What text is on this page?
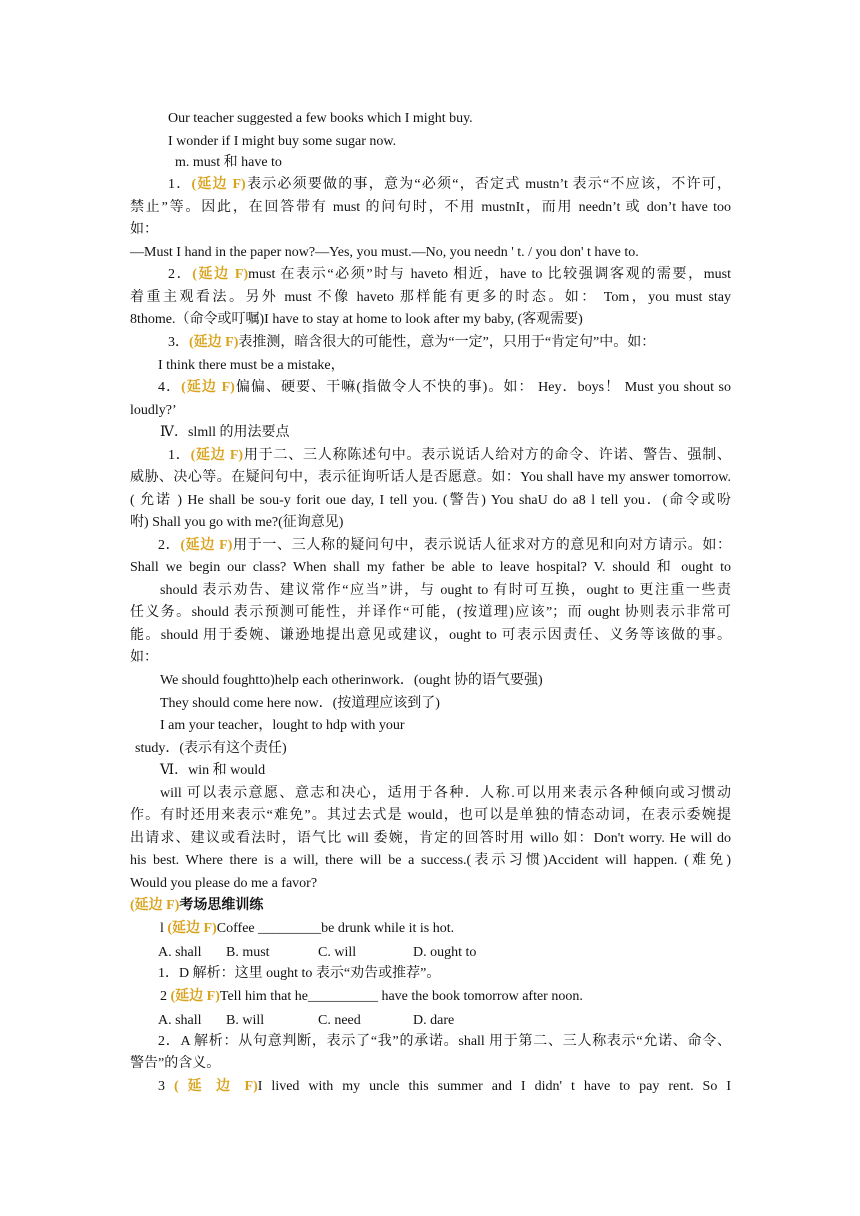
Our teacher suggested a few books which I might buy.
I wonder if I might buy some sugar now.
m. must 和 have to
1．(延边 F)表示必须要做的事，意为“必须“，否定式 mustn’t 表示“不应该，不许可，
禁止”等。因此，在回答带有 must 的问句时，不用 mustnIt，而用 needn’t 或 don’t have too
如：
—Must I hand in the paper now?—Yes, you must.—No, you needn ' t. / you don' t have to.
2．(延边 F)must 在表示“必须”时与 haveto 相近，have to 比较强调客观的需要，must
着重主观看法。另外 must 不像 haveto 那样能有更多的时态。如： Tom，you must stay
8thome.（命令或叮嘱)I have to stay at home to look after my baby, (客观需要)
3．(延边 F)表推测，暗含很大的可能性，意为“一定”，只用于“肯定句”中。如：
I think there must be a mistake，
4．(延边 F)偏偏、硬要、干嘛(指做令人不快的事)。如： Hey．boys！ Must you shout so
loudly?’
Ⅳ．slmll 的用法要点
1．(延边 F)用于二、三人称陈述句中。表示说话人给对方的命令、许诺、警告、强制、
威胁、决心等。在疑问句中，表示征询听话人是否愿意。如：You shall have my answer tomorrow.
( 允诺 ) He shall be sou-y forit oue day, I tell you. (警告) You shaU do a8 l tell you．(命令或吩
咐) Shall you go with me?(征询意见)
2．(延边 F)用于一、三人称的疑问句中，表示说话人征求对方的意见和向对方请示。如：
Shall we begin our class? When shall my father be able to leave hospital? V. should 和 ought to
should 表示劝告、建议常作“应当”讲，与 ought to 有时可互换，ought to 更注重一些责
任义务。should 表示预测可能性，并译作“可能，(按道理)应该”；而 ought 协则表示非常可
能。should 用于委婉、谦逊地提出意见或建议，ought to 可表示因责任、义务等该做的事。
如：
We should foughtto)help each otherinwork．(ought 协的语气要强)
They should come here now．(按道理应该到了)
I am your teacher，lought to hdp with your
study．(表示有这个责任)
Ⅵ．win 和 would
will 可以表示意愿、意志和决心，适用于各种．人称.可以用来表示各种倾向或习惯动
作。有时还用来表示“难免”。其过去式是 would，也可以是单独的情态动词，在表示委婉提
出请求、建议或看法时，语气比 will 委婉，肯定的回答时用 willo 如：Don't worry. He will do
his best. Where there is a will, there will be a success.(表示习惯)Accident will happen. (难免)
Would you please do me a favor?
(延边 F)考场思维训练
l (延边 F)Coffee _________be drunk while it is hot.
A. shall B. must	C. will	D. ought to
1．D 解析：这里 ought to 表示“劝告或推荐”。
2 (延边 F)Tell him that he__________ have the book tomorrow after noon.
A. shall B. will	C. need	D. dare
2．A 解析：从句意判断，表示了“我”的承诺。shall 用于第二、三人称表示“允诺、命令、
警告”的含义。
3 ( 延 边 F)I lived with my uncle this summer and I didn' t have to pay rent. So I
